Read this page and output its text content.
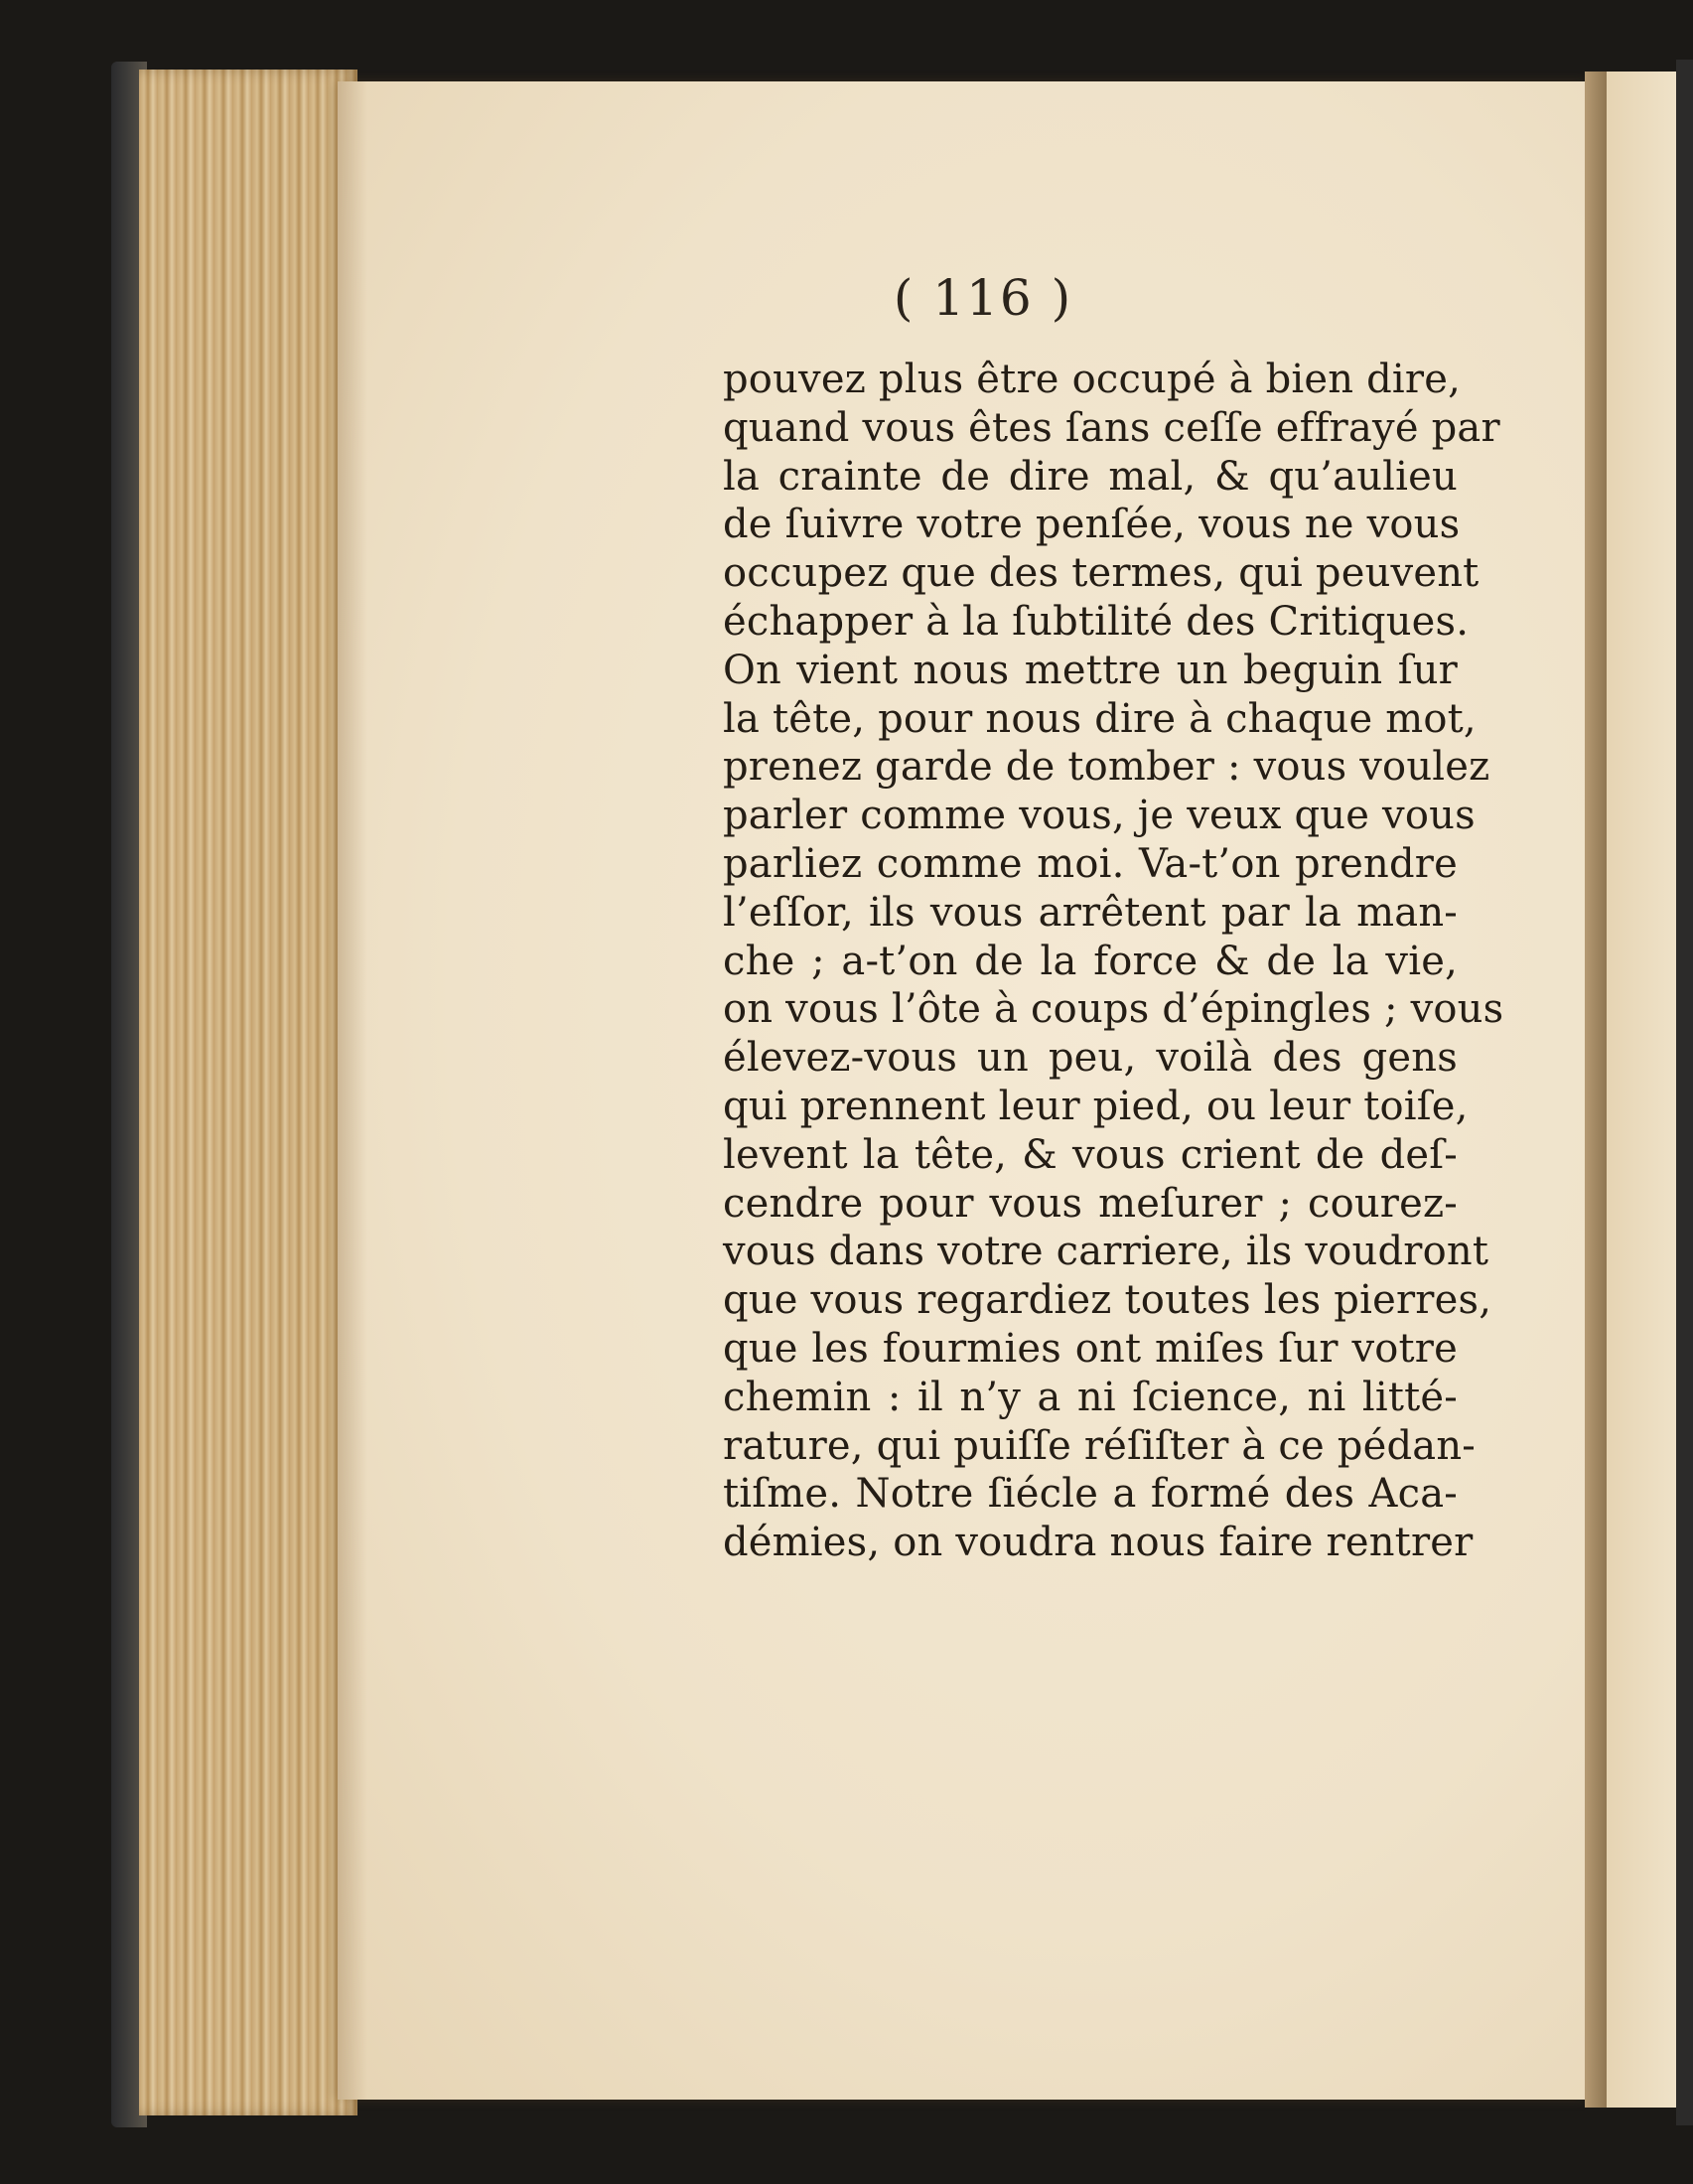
( 116 )
pouvez plus être occupé à bien dire,
quand vous êtes ſans ceſſe effrayé par
la crainte de dire mal, & qu’aulieu
de ſuivre votre penſée, vous ne vous
occupez que des termes, qui peuvent
échapper à la ſubtilité des Critiques.
On vient nous mettre un beguin ſur
la tête, pour nous dire à chaque mot,
prenez garde de tomber : vous voulez
parler comme vous, je veux que vous
parliez comme moi. Va-t’on prendre
l’eſſor, ils vous arrêtent par la man-
che ; a-t’on de la force & de la vie,
on vous l’ôte à coups d’épingles ; vous
élevez-vous un peu, voilà des gens
qui prennent leur pied, ou leur toiſe,
levent la tête, & vous crient de deſ-
cendre pour vous meſurer ; courez-
vous dans votre carriere, ils voudront
que vous regardiez toutes les pierres,
que les fourmies ont miſes ſur votre
chemin : il n’y a ni ſcience, ni litté-
rature, qui puiſſe réſiſter à ce pédan-
tiſme. Notre ſiécle a formé des Aca-
démies, on voudra nous faire rentrer
